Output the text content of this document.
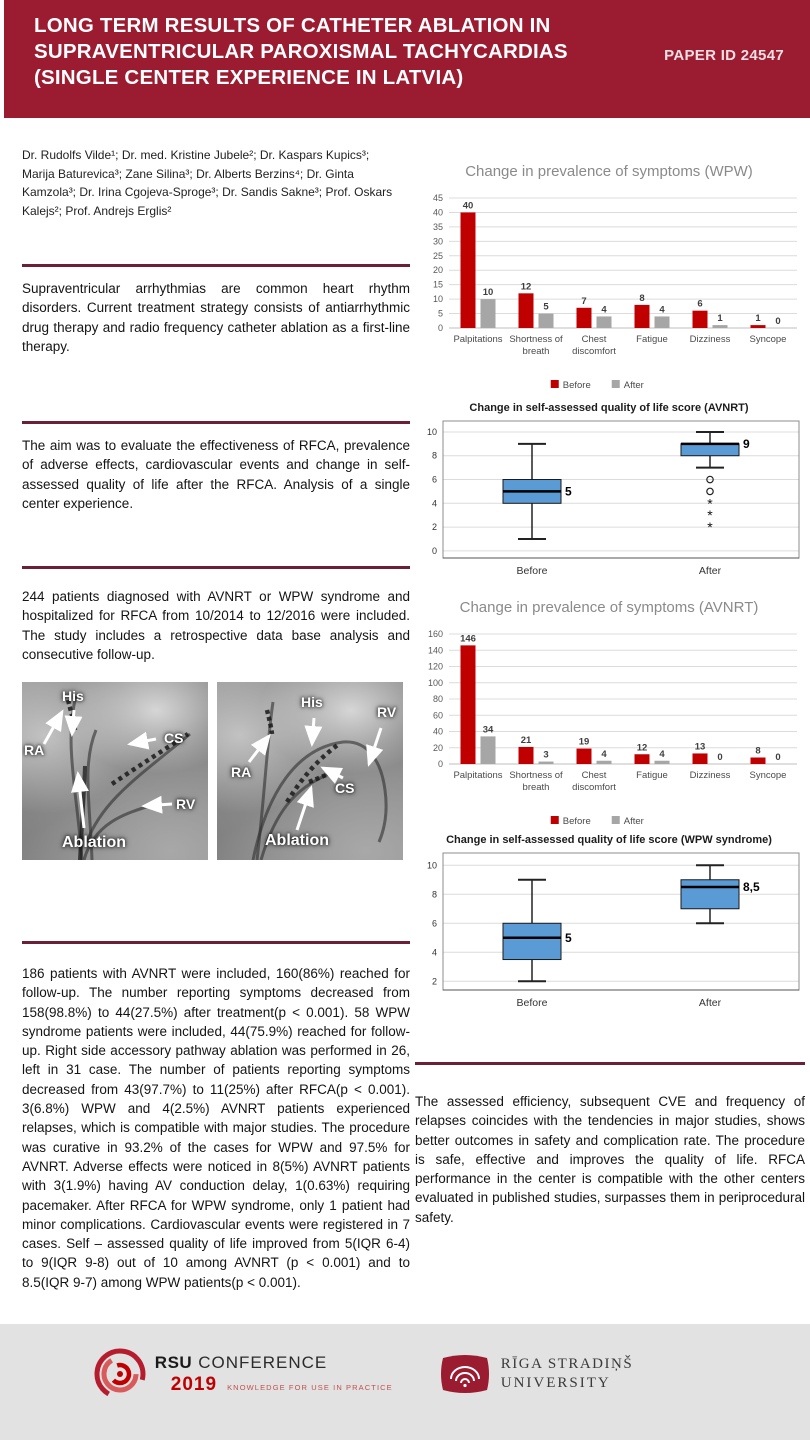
LONG TERM RESULTS OF CATHETER ABLATION IN SUPRAVENTRICULAR PAROXISMAL TACHYCARDIAS (SINGLE CENTER EXPERIENCE IN LATVIA)
PAPER ID 24547
Dr. Rudolfs Vilde¹; Dr. med. Kristine Jubele²; Dr. Kaspars Kupics³; Marija Baturevica³; Zane Silina³; Dr. Alberts Berzins⁴; Dr. Ginta Kamzola³; Dr. Irina Cgojeva-Sproge³; Dr. Sandis Sakne³; Prof. Oskars Kalejs²; Prof. Andrejs Erglis²
Supraventricular arrhythmias are common heart rhythm disorders. Current treatment strategy consists of antiarrhythmic drug therapy and radio frequency catheter ablation as a first-line therapy.
The aim was to evaluate the effectiveness of RFCA, prevalence of adverse effects, cardiovascular events and change in self-assessed quality of life after the RFCA. Analysis of a single center experience.
244 patients diagnosed with AVNRT or WPW syndrome and hospitalized for RFCA from 10/2014 to 12/2016 were included. The study includes a retrospective data base analysis and consecutive follow-up.
RA
His
CS
RV
Ablation
RA
His
RV
CS
Ablation
186 patients with AVNRT were included, 160(86%) reached for follow-up. The number reporting symptoms decreased from 158(98.8%) to 44(27.5%) after treatment(p < 0.001). 58 WPW syndrome patients were included, 44(75.9%) reached for follow-up. Right side accessory pathway ablation was performed in 26, left in 31 case. The number of patients reporting symptoms decreased from 43(97.7%) to 11(25%) after RFCA(p < 0.001). 3(6.8%) WPW and 4(2.5%) AVNRT patients experienced relapses, which is compatible with major studies. The procedure was curative in 93.2% of the cases for WPW and 97.5% for AVNRT. Adverse effects were noticed in 8(5%) AVNRT patients with 3(1.9%) having AV conduction delay, 1(0.63%) requiring pacemaker. After RFCA for WPW syndrome, only 1 patient had minor complications. Cardiovascular events were registered in 7 cases. Self – assessed quality of life improved from 5(IQR 6-4) to 9(IQR 9-8) out of 10 among AVNRT (p < 0.001) and to 8.5(IQR 9-7) among WPW patients(p < 0.001).
The assessed efficiency, subsequent CVE and frequency of relapses coincides with the tendencies in major studies, shows better outcomes in safety and complication rate. The procedure is safe, effective and improves the quality of life. RFCA performance in the center is compatible with the other centers evaluated in published studies, surpasses them in periprocedural safety.
Change in prevalence of symptoms (WPW)
0
5
10
15
20
25
30
35
40
45
40
10
Palpitations
12
5
Shortness of
breath
7
4
Chest
discomfort
8
4
Fatigue
6
1
Dizziness
1 0
Syncope
Before	After
Change in self-assessed quality of life score (AVNRT)
0
2
4
6
8
10
5
Before
9
*
*
*
After
Change in prevalence of symptoms (AVNRT)
0
20
40
60
80
100
120
140
160 146
34
Palpitations
21
3
Shortness of
breath
19
4
Chest
discomfort
12
4
Fatigue
13
0
Dizziness
8
0
Syncope
Before	After
Change in self-assessed quality of life score (WPW syndrome)
2
4
6
8
10
5
Before
8,5
After
RSU CONFERENCE
2019 KNOWLEDGE FOR USE IN PRACTICE
RĪGA STRADIŅŠ
UNIVERSITY
